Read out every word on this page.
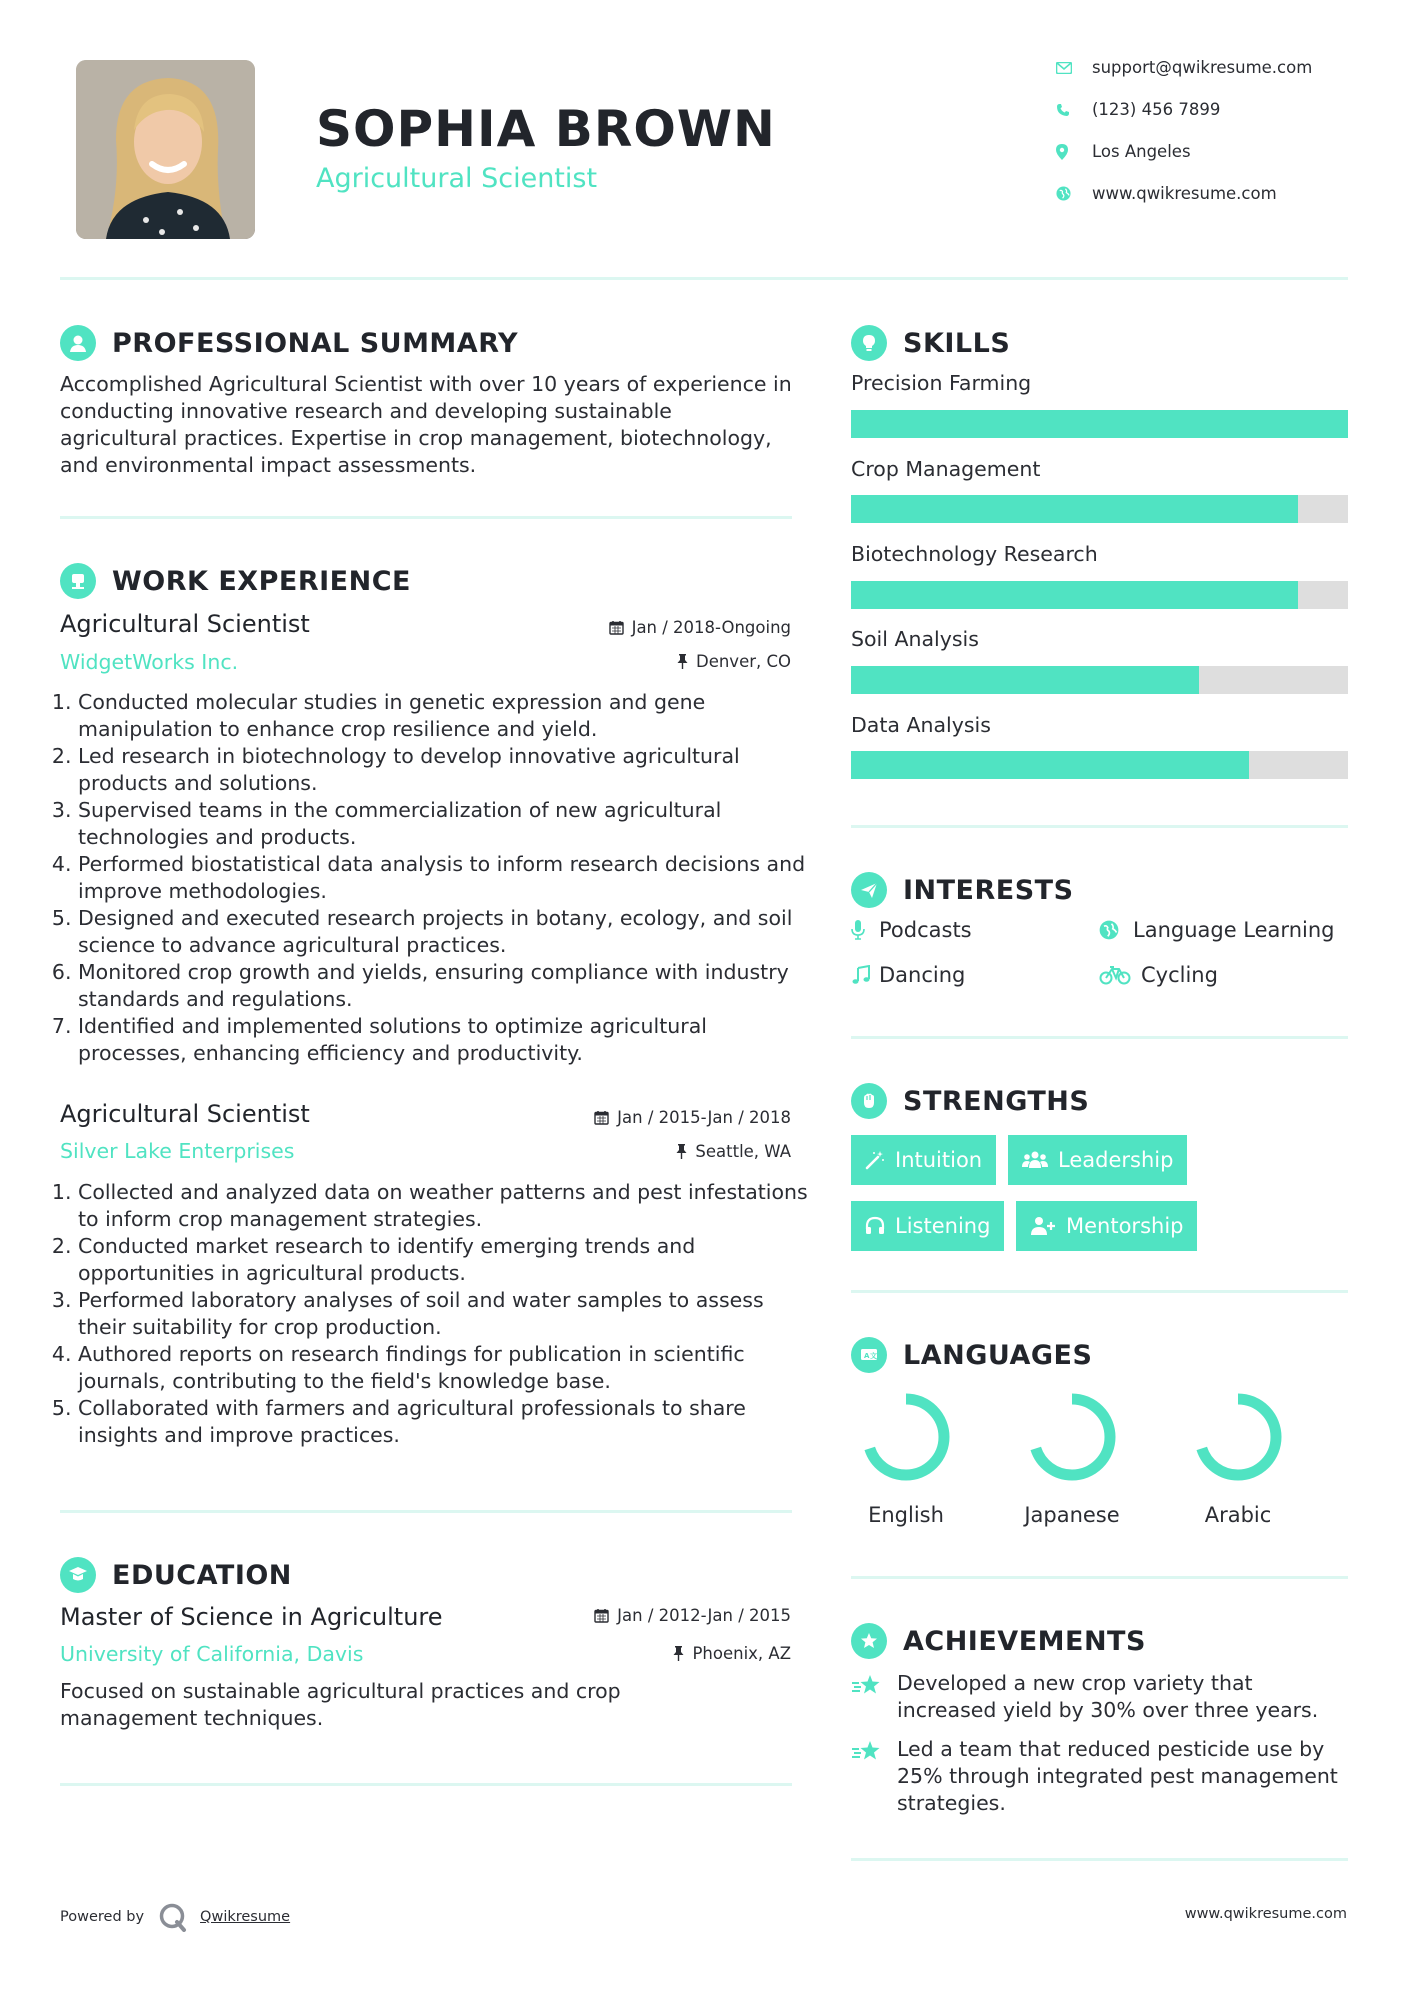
SOPHIA BROWN
Agricultural Scientist
support@qwikresume.com
(123) 456 7899
Los Angeles
www.qwikresume.com
PROFESSIONAL SUMMARY
Accomplished Agricultural Scientist with over 10 years of experience in conducting innovative research and developing sustainable agricultural practices. Expertise in crop management, biotechnology, and environmental impact assessments.
WORK EXPERIENCE
Agricultural Scientist	Jan / 2018-Ongoing
WidgetWorks Inc.	Denver, CO
1. Conducted molecular studies in genetic expression and gene manipulation to enhance crop resilience and yield.
2. Led research in biotechnology to develop innovative agricultural products and solutions.
3. Supervised teams in the commercialization of new agricultural technologies and products.
4. Performed biostatistical data analysis to inform research decisions and improve methodologies.
5. Designed and executed research projects in botany, ecology, and soil science to advance agricultural practices.
6. Monitored crop growth and yields, ensuring compliance with industry standards and regulations.
7. Identified and implemented solutions to optimize agricultural processes, enhancing efficiency and productivity.
Agricultural Scientist	Jan / 2015-Jan / 2018
Silver Lake Enterprises	Seattle, WA
1. Collected and analyzed data on weather patterns and pest infestations to inform crop management strategies.
2. Conducted market research to identify emerging trends and opportunities in agricultural products.
3. Performed laboratory analyses of soil and water samples to assess their suitability for crop production.
4. Authored reports on research findings for publication in scientific journals, contributing to the field's knowledge base.
5. Collaborated with farmers and agricultural professionals to share insights and improve practices.
EDUCATION
Master of Science in Agriculture	Jan / 2012-Jan / 2015
University of California, Davis	Phoenix, AZ
Focused on sustainable agricultural practices and crop management techniques.
SKILLS
Precision Farming
Crop Management
Biotechnology Research
Soil Analysis
Data Analysis
INTERESTS
Podcasts	Language Learning
Dancing	Cycling
STRENGTHS
Intuition	Leadership
Listening	Mentorship
A 文 LANGUAGES
English	Japanese	Arabic
ACHIEVEMENTS
Developed a new crop variety that increased yield by 30% over three years.
Led a team that reduced pesticide use by 25% through integrated pest management strategies.
Powered by	Qwikresume	www.qwikresume.com
